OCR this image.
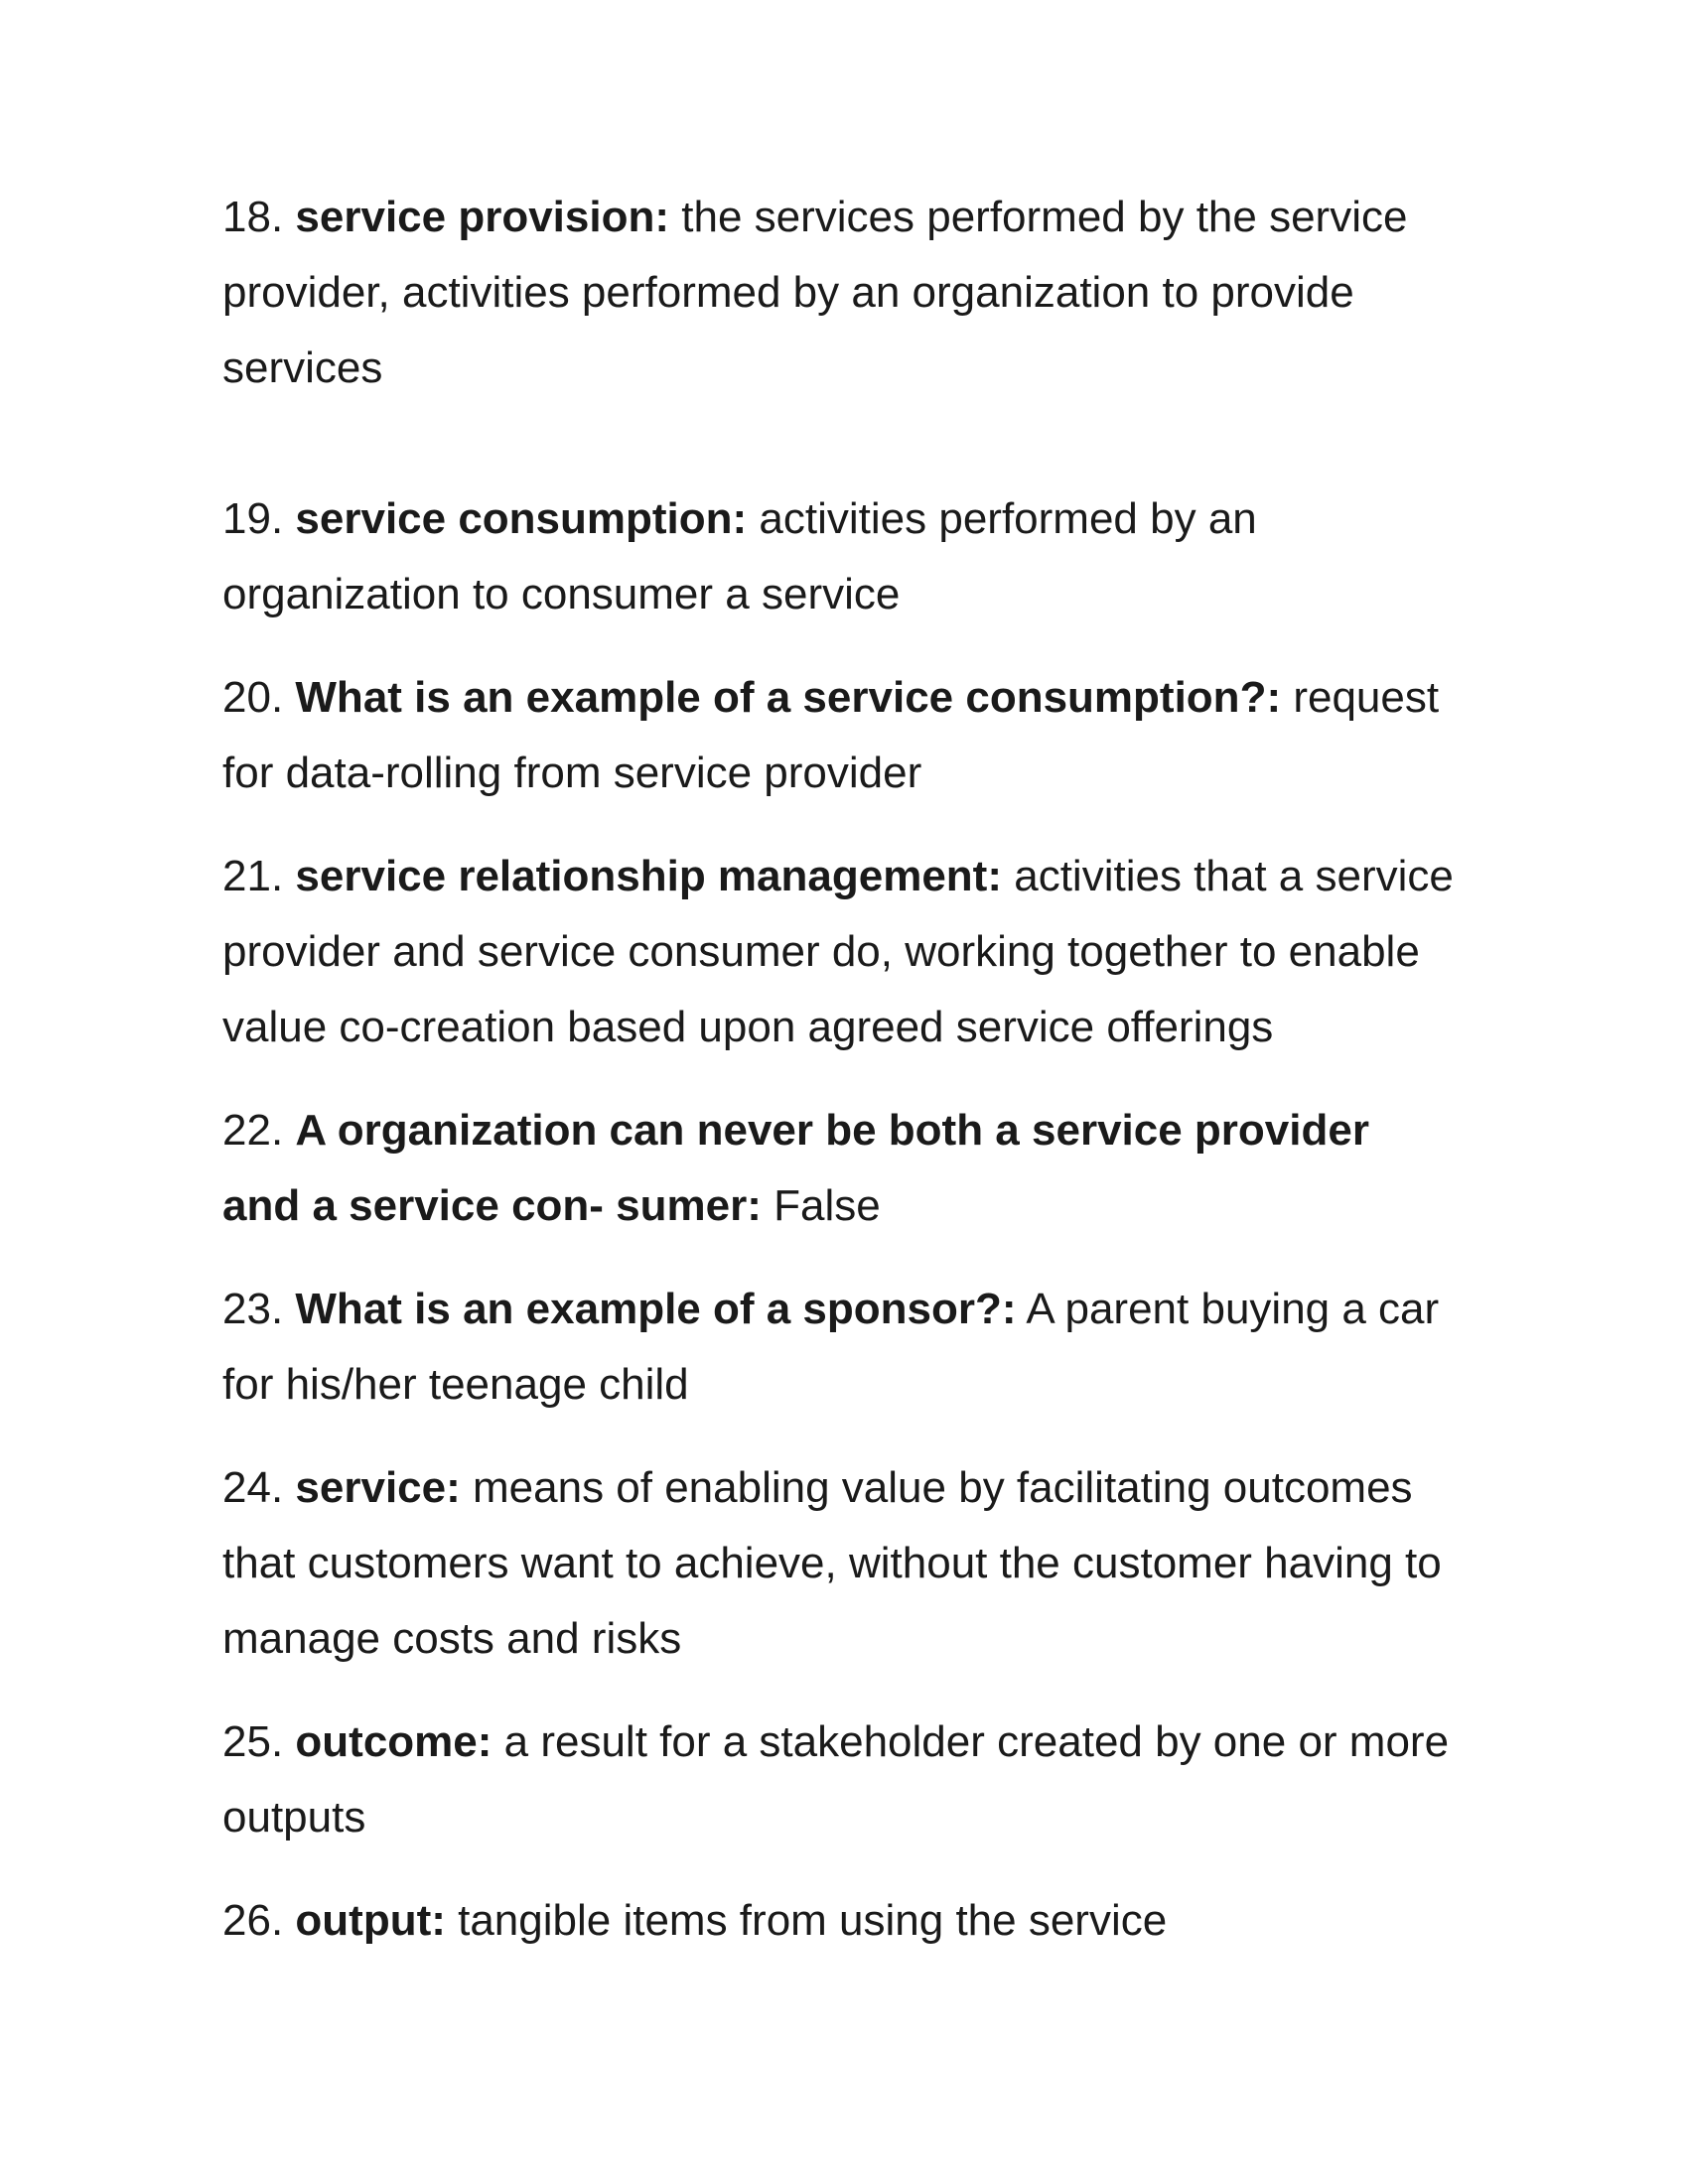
18. service provision: the services performed by the service provider, activities performed by an organization to provide services

19. service consumption: activities performed by an organization to consumer a service

20. What is an example of a service consumption?: request for data-rolling from service provider

21. service relationship management: activities that a service provider and service consumer do, working together to enable value co-creation based upon agreed service offerings

22. A organization can never be both a service provider and a service con- sumer: False

23. What is an example of a sponsor?: A parent buying a car for his/her teenage child

24. service: means of enabling value by facilitating outcomes that customers want to achieve, without the customer having to manage costs and risks

25. outcome: a result for a stakeholder created by one or more outputs

26. output: tangible items from using the service
